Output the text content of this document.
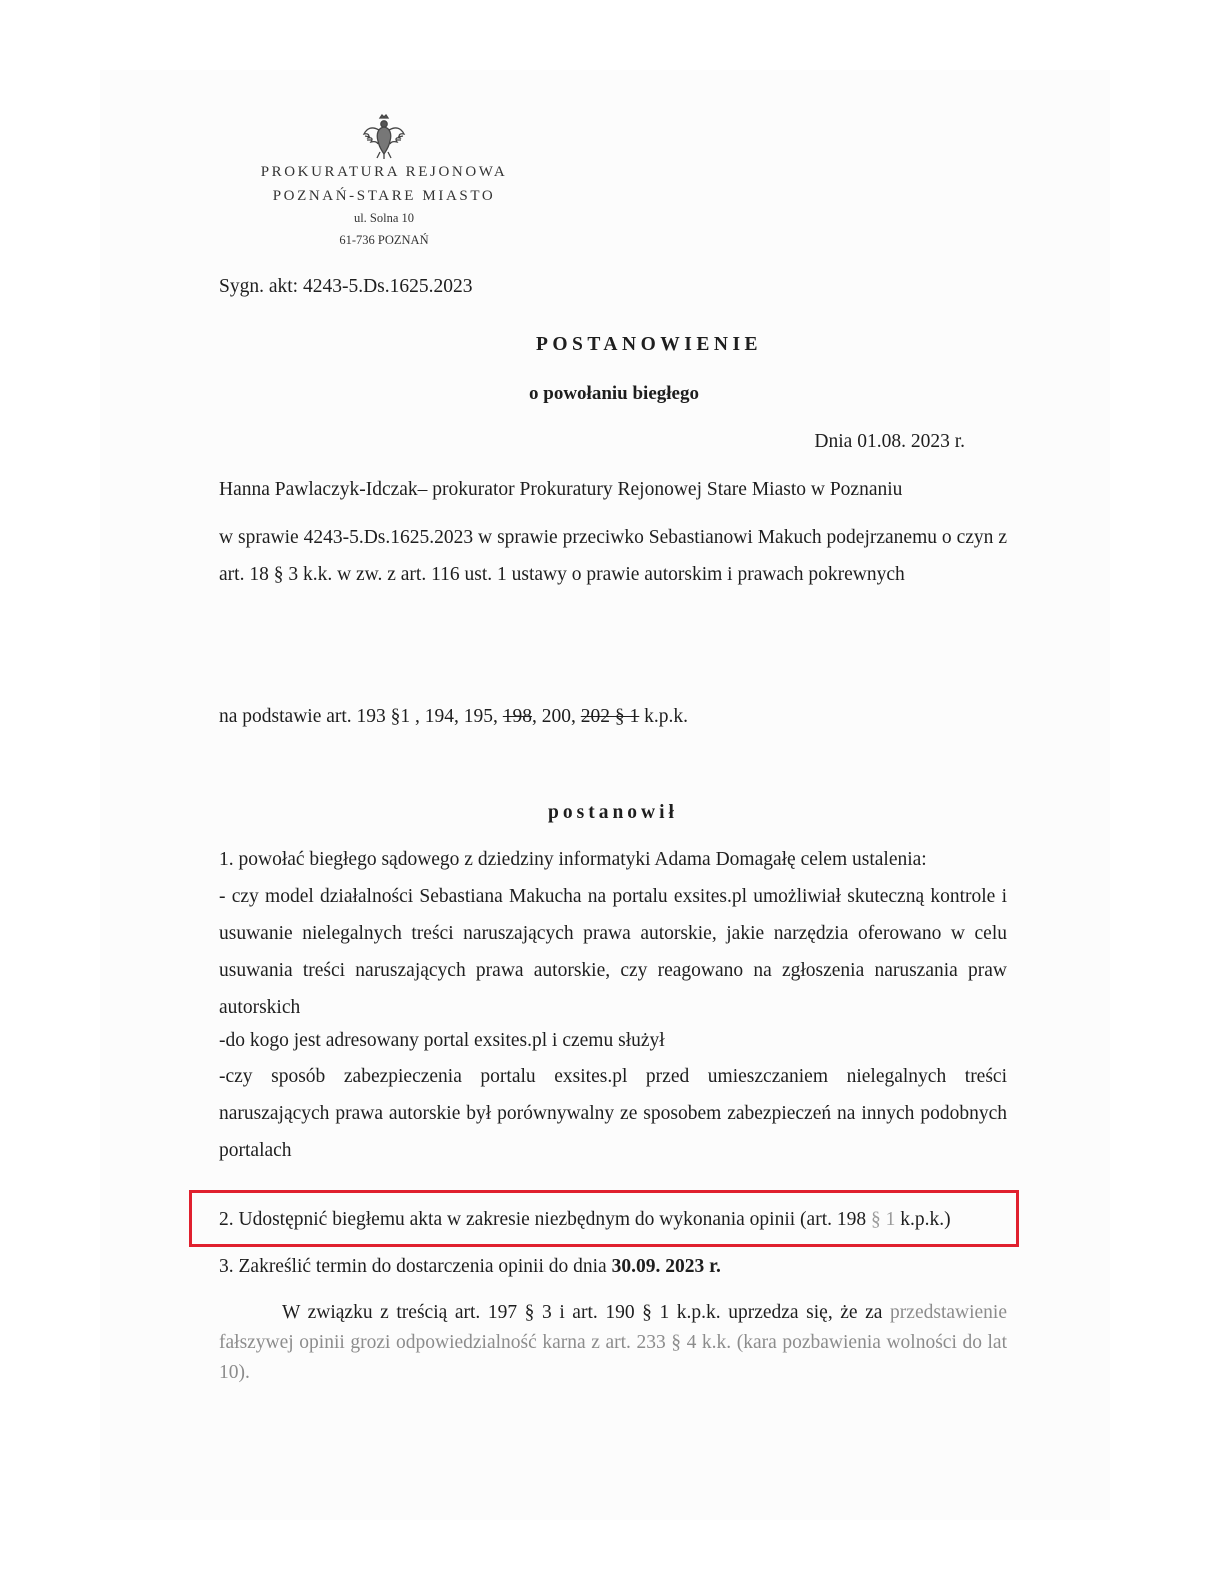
PROKURATURA REJONOWA
POZNAŃ-STARE MIASTO
ul. Solna 10
61-736 POZNAŃ
Sygn. akt: 4243-5.Ds.1625.2023
POSTANOWIENIE
o powołaniu biegłego
Dnia 01.08. 2023 r.
Hanna Pawlaczyk-Idczak– prokurator Prokuratury Rejonowej Stare Miasto w Poznaniu
w sprawie 4243-5.Ds.1625.2023 w sprawie przeciwko Sebastianowi Makuch podejrzanemu o czyn z art. 18 § 3 k.k. w zw. z art. 116 ust. 1 ustawy o prawie autorskim i prawach pokrewnych
na podstawie art. 193 §1 , 194, 195, 198, 200, 202 § 1 k.p.k.
postanowił
1. powołać biegłego sądowego z dziedziny informatyki Adama Domagałę celem ustalenia:
- czy model działalności Sebastiana Makucha na portalu exsites.pl umożliwiał skuteczną kontrole i usuwanie nielegalnych treści naruszających prawa autorskie, jakie narzędzia oferowano w celu usuwania treści naruszających prawa autorskie, czy reagowano na zgłoszenia naruszania praw autorskich
-do kogo jest adresowany portal exsites.pl i czemu służył
-czy sposób zabezpieczenia portalu exsites.pl przed umieszczaniem nielegalnych treści naruszających prawa autorskie był porównywalny ze sposobem zabezpieczeń na innych podobnych portalach
2. Udostępnić biegłemu akta w zakresie niezbędnym do wykonania opinii (art. 198 § 1 k.p.k.)
3. Zakreślić termin do dostarczenia opinii do dnia 30.09. 2023 r.
W związku z treścią art. 197 § 3 i art. 190 § 1 k.p.k. uprzedza się, że za przedstawienie fałszywej opinii grozi odpowiedzialność karna z art. 233 § 4 k.k. (kara pozbawienia wolności do lat 10).
